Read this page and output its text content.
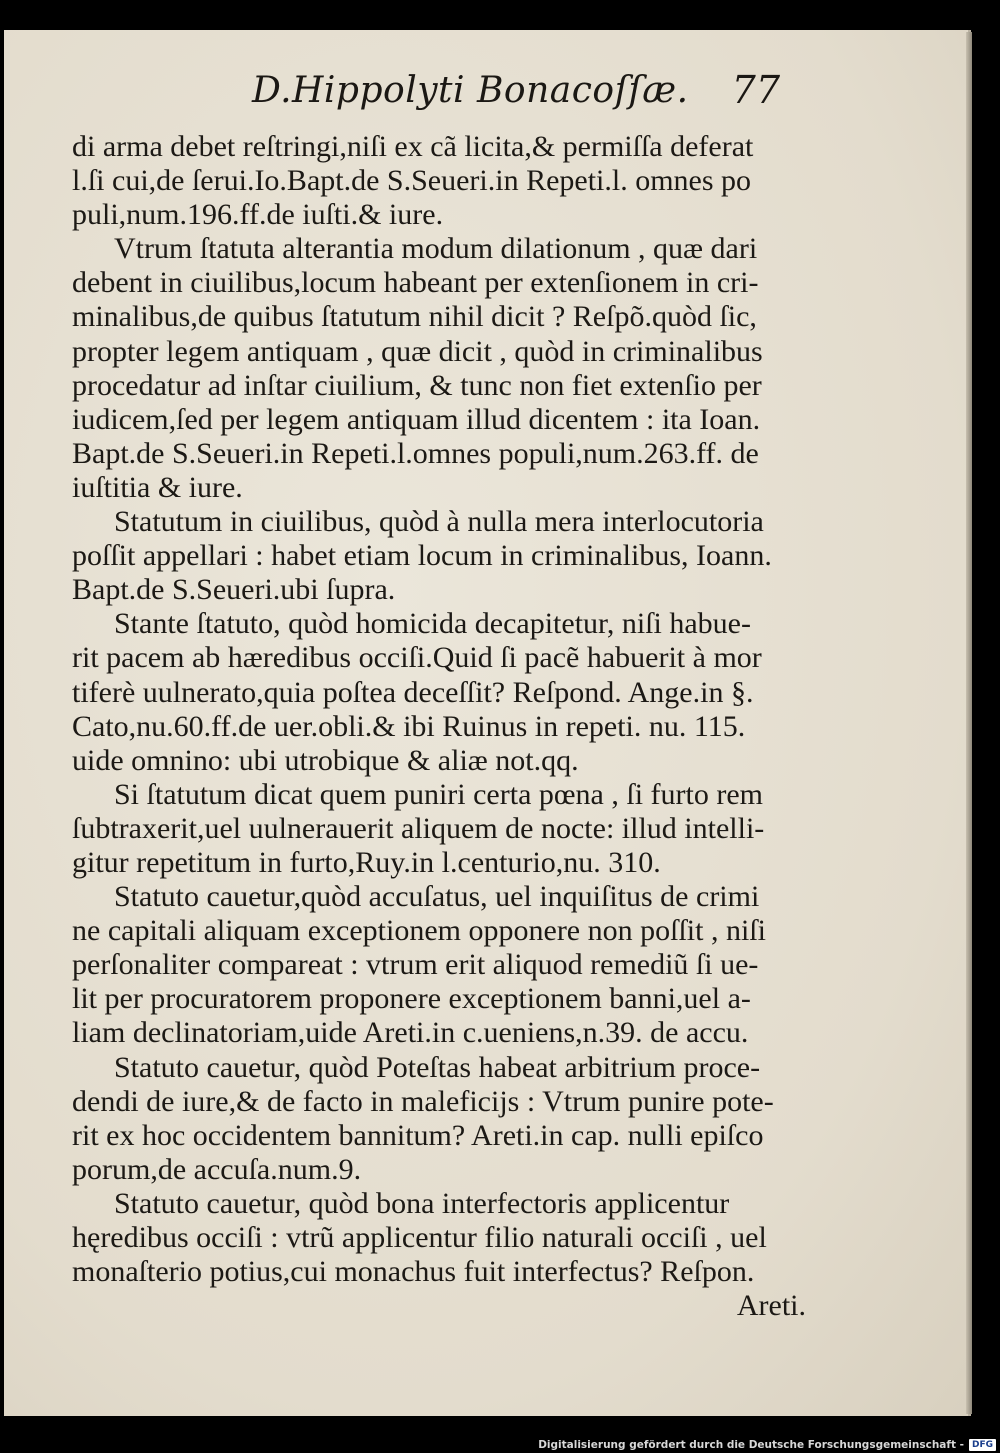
D.Hippolyti Bonacoſſæ. 77
di arma debet reſtringi,niſi ex cã licita,& permiſſa deferat
l.ſi cui,de ſerui.Io.Bapt.de S.Seueri.in Repeti.l. omnes po
puli,num.196.ff.de iuſti.& iure.
Vtrum ſtatuta alterantia modum dilationum , quæ dari
debent in ciuilibus,locum habeant per extenſionem in cri-
minalibus,de quibus ſtatutum nihil dicit ? Reſpõ.quòd ſic,
propter legem antiquam , quæ dicit , quòd in criminalibus
procedatur ad inſtar ciuilium, & tunc non fiet extenſio per
iudicem,ſed per legem antiquam illud dicentem : ita Ioan.
Bapt.de S.Seueri.in Repeti.l.omnes populi,num.263.ff. de
iuſtitia & iure.
Statutum in ciuilibus, quòd à nulla mera interlocutoria
poſſit appellari : habet etiam locum in criminalibus, Ioann.
Bapt.de S.Seueri.ubi ſupra.
Stante ſtatuto, quòd homicida decapitetur, niſi habue-
rit pacem ab hæredibus occiſi.Quid ſi pacẽ habuerit à mor
tiferè uulnerato,quia poſtea deceſſit? Reſpond. Ange.in §.
Cato,nu.60.ff.de uer.obli.& ibi Ruinus in repeti. nu. 115.
uide omnino: ubi utrobique & aliæ not.qq.
Si ſtatutum dicat quem puniri certa pœna , ſi furto rem
ſubtraxerit,uel uulnerauerit aliquem de nocte: illud intelli-
gitur repetitum in furto,Ruy.in l.centurio,nu. 310.
Statuto cauetur,quòd accuſatus, uel inquiſitus de crimi
ne capitali aliquam exceptionem opponere non poſſit , niſi
perſonaliter compareat : vtrum erit aliquod remediũ ſi ue-
lit per procuratorem proponere exceptionem banni,uel a-
liam declinatoriam,uide Areti.in c.ueniens,n.39. de accu.
Statuto cauetur, quòd Poteſtas habeat arbitrium proce-
dendi de iure,& de facto in maleficijs : Vtrum punire pote-
rit ex hoc occidentem bannitum? Areti.in cap. nulli epiſco
porum,de accuſa.num.9.
Statuto cauetur, quòd bona interfectoris applicentur
hęredibus occiſi : vtrũ applicentur filio naturali occiſi , uel
monaſterio potius,cui monachus fuit interfectus? Reſpon.
Areti.
Digitalisierung gefördert durch die Deutsche Forschungsgemeinschaft - DFG
